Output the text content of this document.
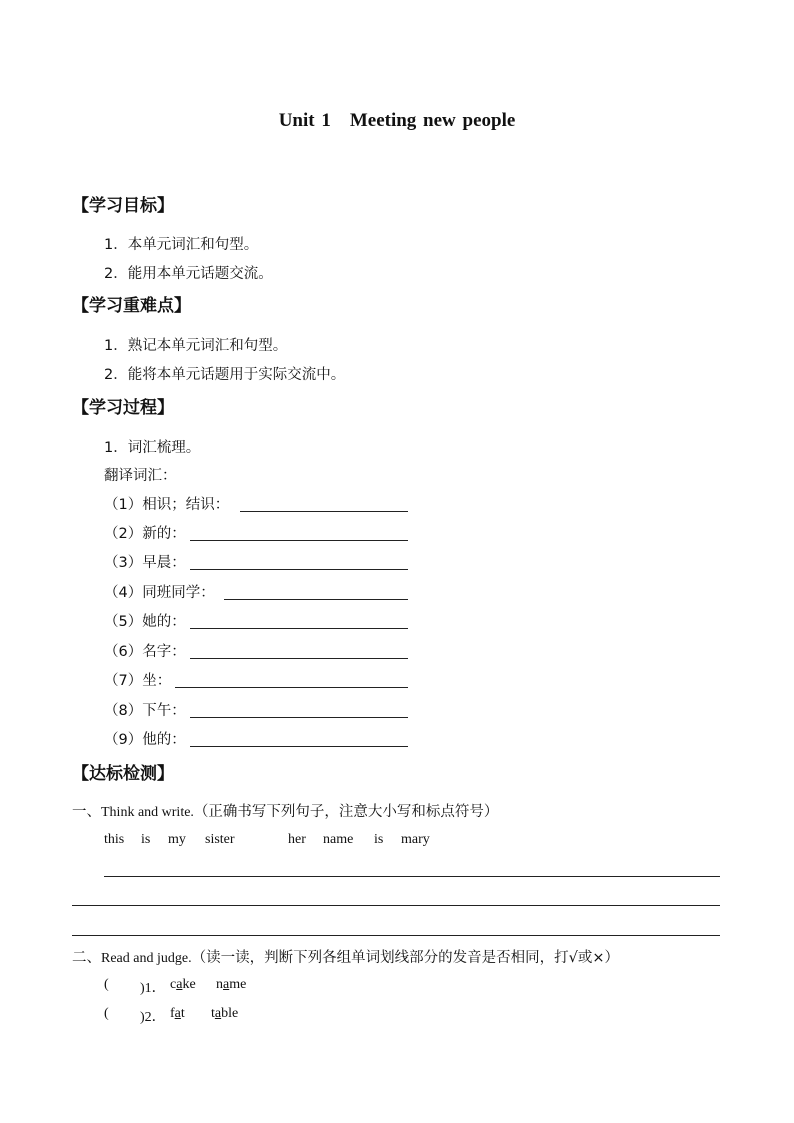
Unit 1　Meeting new people
【学习目标】
1．本单元词汇和句型。
2．能用本单元话题交流。
【学习重难点】
1．熟记本单元词汇和句型。
2．能将本单元话题用于实际交流中。
【学习过程】
1．词汇梳理。
翻译词汇：
（1）相识；结识：
（2）新的：
（3）早晨：
（4）同班同学：
（5）她的：
（6）名字：
（7）坐：
（8）下午：
（9）他的：
【达标检测】
一、Think and write.（正确书写下列句子，注意大小写和标点符号）
this is my sister	her name is mary
二、Read and judge.（读一读，判断下列各组单词划线部分的发音是否相同，打√或×）
( )1． cake name
( )2． fat table
